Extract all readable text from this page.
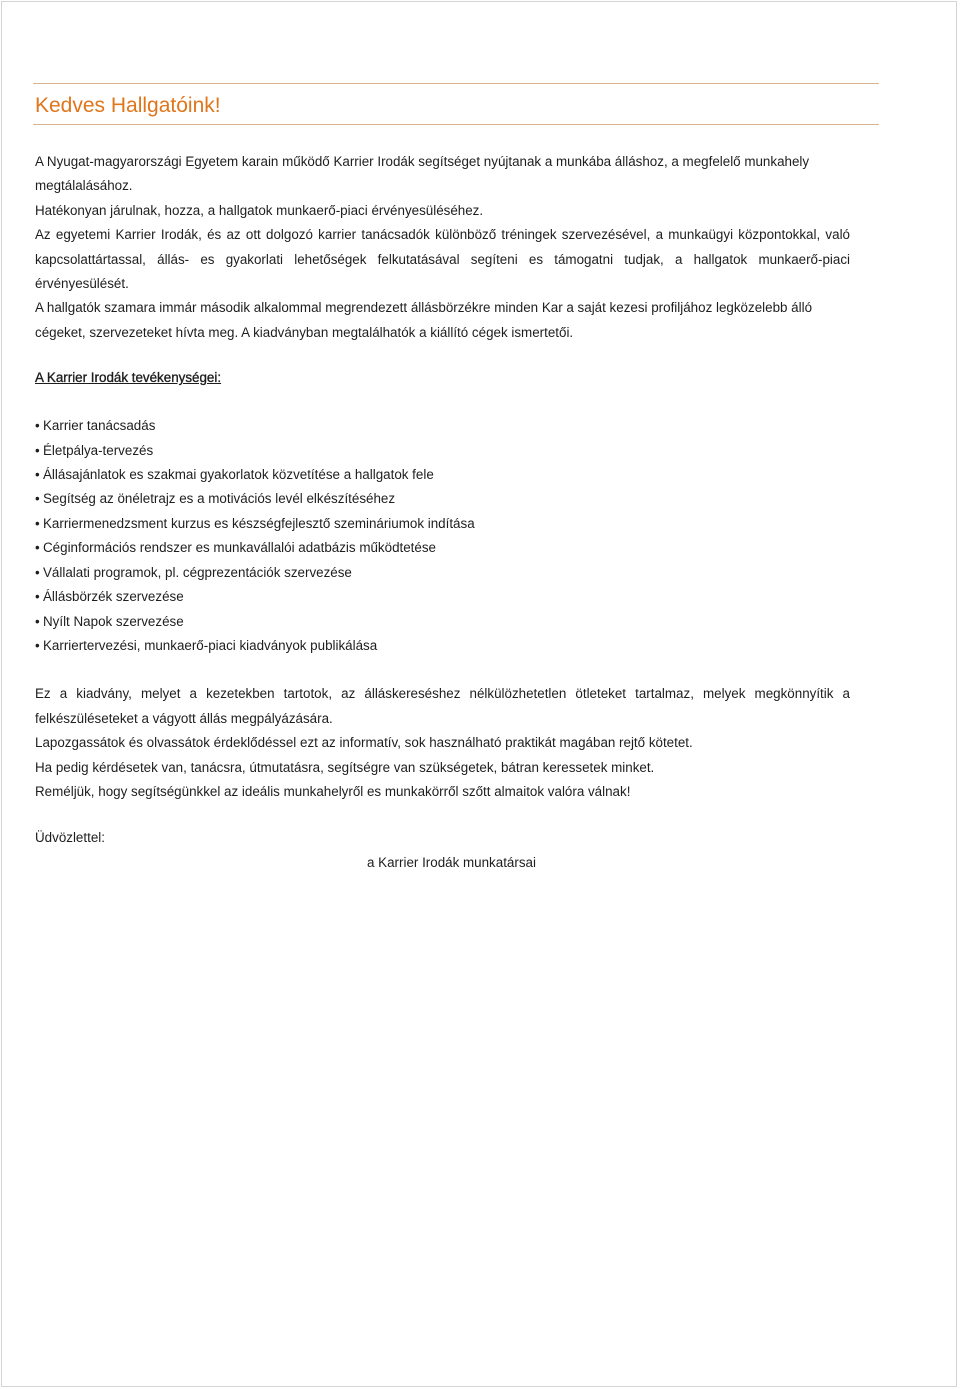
Kedves Hallgatóink!

A Nyugat-magyarországi Egyetem karain működő Karrier Irodák segítséget nyújtanak a munkába álláshoz, a megfelelő munkahely megtálalásához.

Hatékonyan járulnak, hozza, a hallgatok munkaerő-piaci érvényesüléséhez.

Az egyetemi Karrier Irodák, és az ott dolgozó karrier tanácsadók különböző tréningek szervezésével, a munkaügyi központokkal, való kapcsolattártassal, állás- es gyakorlati lehetőségek felkutatásával segíteni es támogatni tudjak, a hallgatok munkaerő-piaci érvényesülését.

A hallgatók szamara immár második alkalommal megrendezett állásbörzékre minden Kar a saját kezesi profiljához legközelebb álló cégeket, szervezeteket hívta meg. A kiadványban megtalálhatók a kiállító cégek ismertetői.

A Karrier Irodák tevékenységei:

• Karrier tanácsadás
• Életpálya-tervezés
• Állásajánlatok es szakmai gyakorlatok közvetítése a hallgatok fele
• Segítség az önéletrajz es a motivációs levél elkészítéséhez
• Karriermenedzsment kurzus es készségfejlesztő szemináriumok indítása
• Céginformációs rendszer es munkavállalói adatbázis működtetése
• Vállalati programok, pl. cégprezentációk szervezése
• Állásbörzék szervezése
• Nyílt Napok szervezése
• Karriertervezési, munkaerő-piaci kiadványok publikálása

Ez a kiadvány, melyet a kezetekben tartotok, az álláskereséshez nélkülözhetetlen ötleteket tartalmaz, melyek megkönnyítik a felkészüléseteket a vágyott állás megpályázására.

Lapozgassátok és olvassátok érdeklődéssel ezt az informatív, sok használható praktikát magában rejtő kötetet.

Ha pedig kérdésetek van, tanácsra, útmutatásra, segítségre van szükségetek, bátran keressetek minket.

Reméljük, hogy segítségünkkel az ideális munkahelyről es munkakörről szőtt almaitok valóra válnak!

Üdvözlettel:

a Karrier Irodák munkatársai
